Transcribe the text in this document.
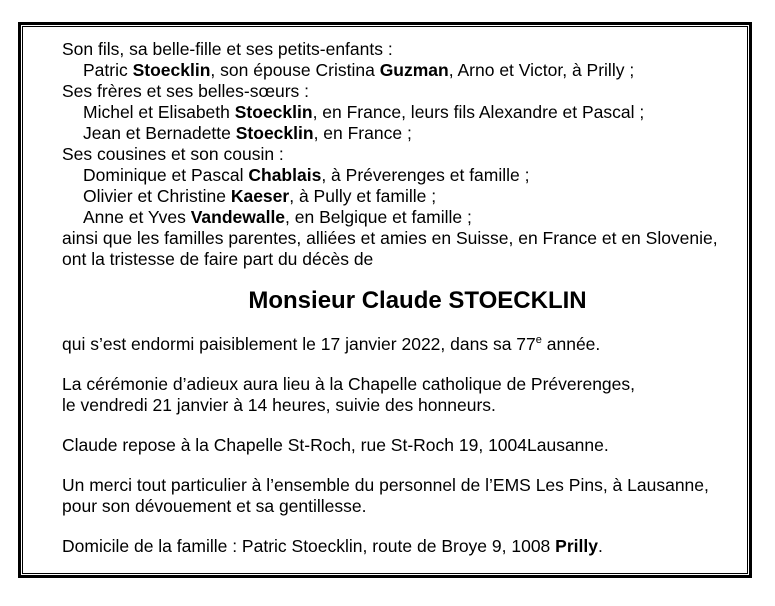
Son fils, sa belle-fille et ses petits-enfants :
Patric Stoecklin, son épouse Cristina Guzman, Arno et Victor, à Prilly ;
Ses frères et ses belles-sœurs :
Michel et Elisabeth Stoecklin, en France, leurs fils Alexandre et Pascal ;
Jean et Bernadette Stoecklin, en France ;
Ses cousines et son cousin :
Dominique et Pascal Chablais, à Préverenges et famille ;
Olivier et Christine Kaeser, à Pully et famille ;
Anne et Yves Vandewalle, en Belgique et famille ;
ainsi que les familles parentes, alliées et amies en Suisse, en France et en Slovenie,
ont la tristesse de faire part du décès de
Monsieur Claude STOECKLIN
qui s’est endormi paisiblement le 17 janvier 2022, dans sa 77e année.
La cérémonie d’adieux aura lieu à la Chapelle catholique de Préverenges,
le vendredi 21 janvier à 14 heures, suivie des honneurs.
Claude repose à la Chapelle St-Roch, rue St-Roch 19, 1004Lausanne.
Un merci tout particulier à l’ensemble du personnel de l’EMS Les Pins, à Lausanne,
pour son dévouement et sa gentillesse.
Domicile de la famille : Patric Stoecklin, route de Broye 9, 1008 Prilly.
